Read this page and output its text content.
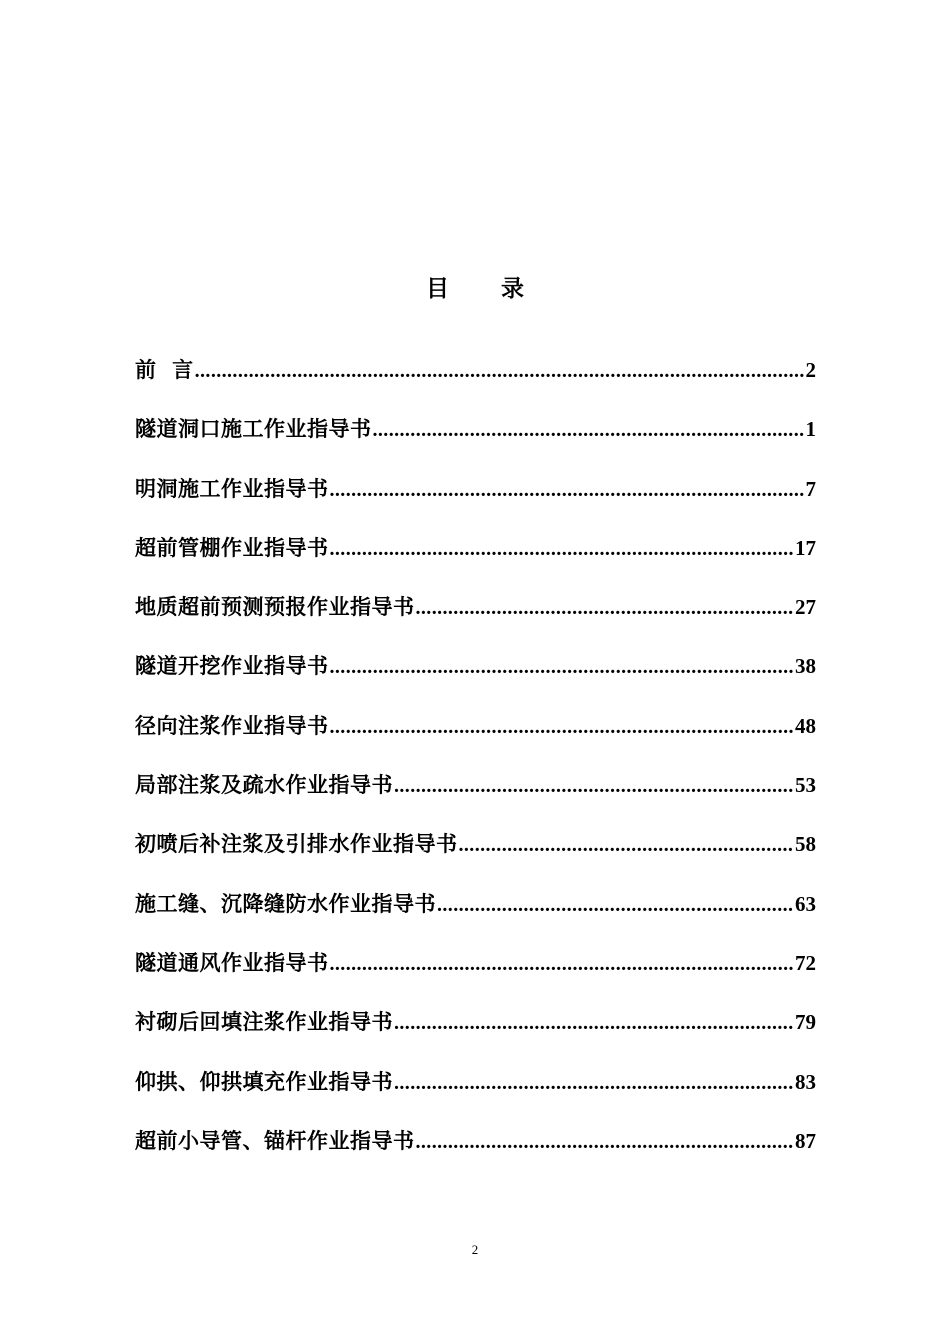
目 录
前  言 .....	2
隧道洞口施工作业指导书 .....	1
明洞施工作业指导书 .....	7
超前管棚作业指导书 .....	17
地质超前预测预报作业指导书 .....	27
隧道开挖作业指导书 .....	38
径向注浆作业指导书 .....	48
局部注浆及疏水作业指导书 .....	53
初喷后补注浆及引排水作业指导书 .....	58
施工缝、沉降缝防水作业指导书 .....	63
隧道通风作业指导书 .....	72
衬砌后回填注浆作业指导书 .....	79
仰拱、仰拱填充作业指导书 .....	83
超前小导管、锚杆作业指导书 .....	87
2
